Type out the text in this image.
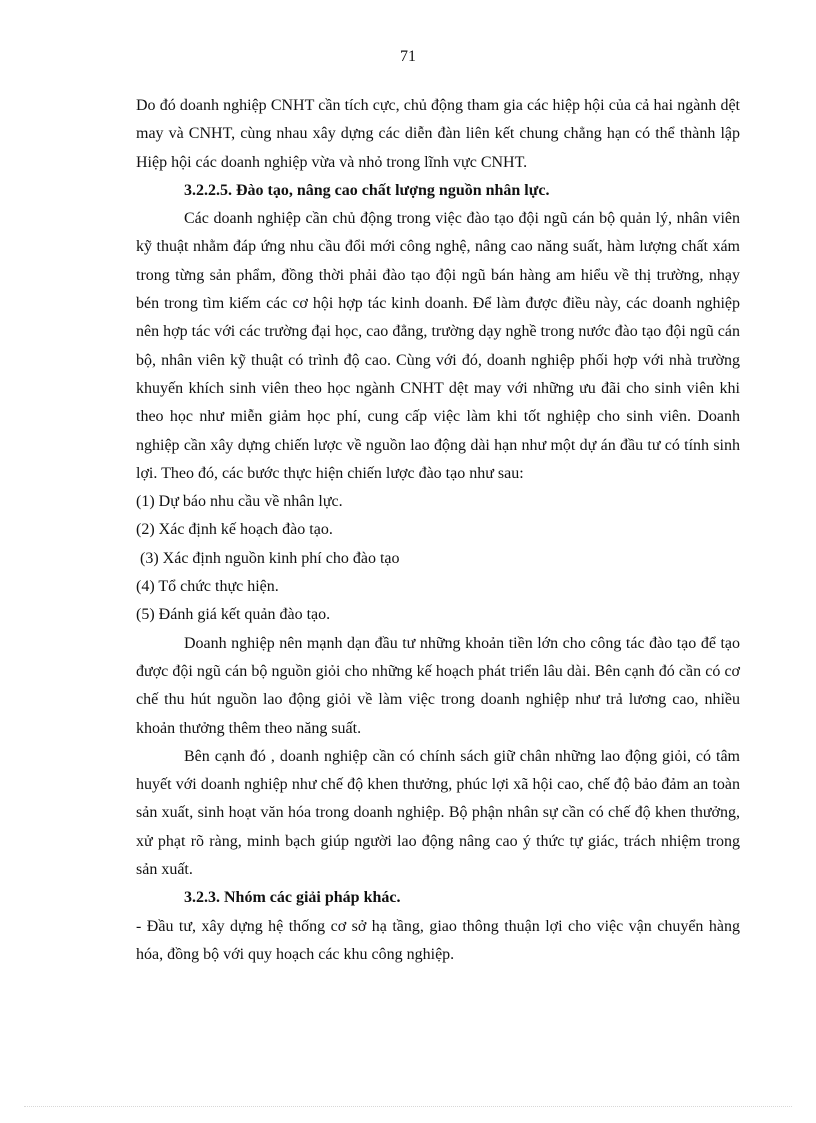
71

Do đó doanh nghiệp CNHT cần tích cực, chủ động tham gia các hiệp hội của cả hai ngành dệt may và CNHT, cùng nhau xây dựng các diễn đàn liên kết chung chẳng hạn có thể thành lập Hiệp hội các doanh nghiệp vừa và nhỏ trong lĩnh vực CNHT.

3.2.2.5. Đào tạo, nâng cao chất lượng nguồn nhân lực.

Các doanh nghiệp cần chủ động trong việc đào tạo đội ngũ cán bộ quản lý, nhân viên kỹ thuật nhằm đáp ứng nhu cầu đổi mới công nghệ, nâng cao năng suất, hàm lượng chất xám trong từng sản phẩm, đồng thời phải đào tạo đội ngũ bán hàng am hiểu về thị trường, nhạy bén trong tìm kiếm các cơ hội hợp tác kinh doanh. Để làm được điều này, các doanh nghiệp nên hợp tác với các trường đại học, cao đẳng, trường dạy nghề trong nước đào tạo đội ngũ cán bộ, nhân viên kỹ thuật có trình độ cao. Cùng với đó, doanh nghiệp phối hợp với nhà trường khuyến khích sinh viên theo học ngành CNHT dệt may với những ưu đãi cho sinh viên khi theo học như miễn giảm học phí, cung cấp việc làm khi tốt nghiệp cho sinh viên. Doanh nghiệp cần xây dựng chiến lược về nguồn lao động dài hạn như một dự án đầu tư có tính sinh lợi. Theo đó, các bước thực hiện chiến lược đào tạo như sau:

(1) Dự báo nhu cầu về nhân lực.

(2) Xác định kế hoạch đào tạo.

(3) Xác định nguồn kinh phí cho đào tạo

(4) Tổ chức thực hiện.

(5) Đánh giá kết quản đào tạo.

Doanh nghiệp nên mạnh dạn đầu tư những khoản tiền lớn cho công tác đào tạo để tạo được đội ngũ cán bộ nguồn giỏi cho những kế hoạch phát triển lâu dài. Bên cạnh đó cần có cơ chế thu hút nguồn lao động giỏi về làm việc trong doanh nghiệp như trả lương cao, nhiều khoản thưởng thêm theo năng suất.

Bên cạnh đó , doanh nghiệp cần có chính sách giữ chân những lao động giỏi, có tâm huyết với doanh nghiệp như chế độ khen thưởng, phúc lợi xã hội cao, chế độ bảo đảm an toàn sản xuất, sinh hoạt văn hóa trong doanh nghiệp. Bộ phận nhân sự cần có chế độ khen thưởng, xử phạt rõ ràng, minh bạch giúp người lao động nâng cao ý thức tự giác, trách nhiệm trong sản xuất.

3.2.3. Nhóm các giải pháp khác.

- Đầu tư, xây dựng hệ thống cơ sở hạ tầng, giao thông thuận lợi cho việc vận chuyển hàng hóa, đồng bộ với quy hoạch các khu công nghiệp.
